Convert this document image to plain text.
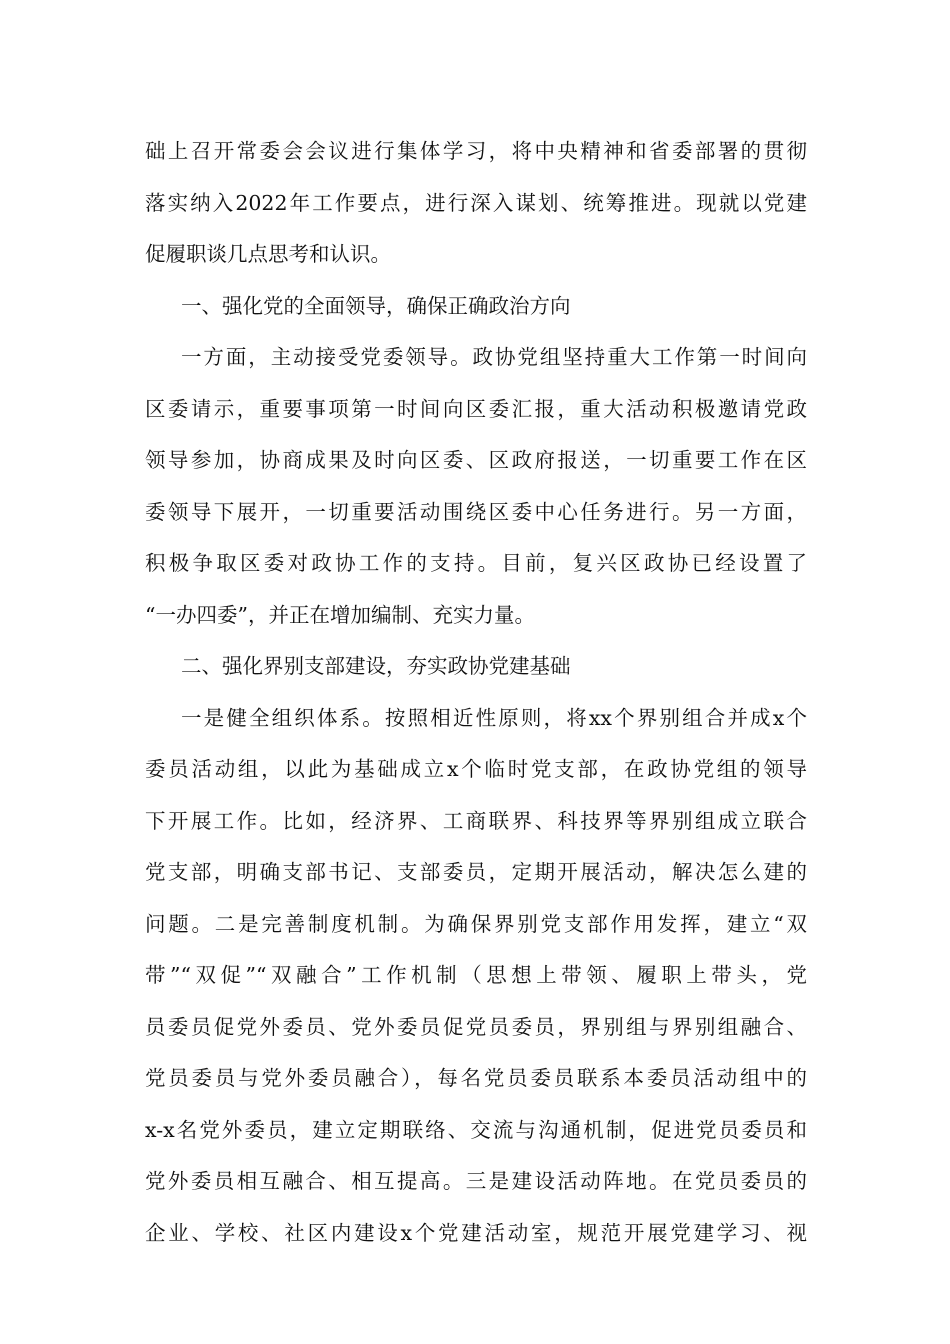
础上召开常委会会议进行集体学习，将中央精神和省委部署的贯彻
落实纳入2022年工作要点，进行深入谋划、统筹推进。现就以党建
促履职谈几点思考和认识。
一、强化党的全面领导，确保正确政治方向
一方面，主动接受党委领导。政协党组坚持重大工作第一时间向
区委请示，重要事项第一时间向区委汇报，重大活动积极邀请党政
领导参加，协商成果及时向区委、区政府报送，一切重要工作在区
委领导下展开，一切重要活动围绕区委中心任务进行。另一方面，
积极争取区委对政协工作的支持。目前，复兴区政协已经设置了
“一办四委”，并正在增加编制、充实力量。
二、强化界别支部建设，夯实政协党建基础
一是健全组织体系。按照相近性原则，将xx个界别组合并成x个
委员活动组，以此为基础成立x个临时党支部，在政协党组的领导
下开展工作。比如，经济界、工商联界、科技界等界别组成立联合
党支部，明确支部书记、支部委员，定期开展活动，解决怎么建的
问题。二是完善制度机制。为确保界别党支部作用发挥，建立“双
带”“双促”“双融合”工作机制（思想上带领、履职上带头，党
员委员促党外委员、党外委员促党员委员，界别组与界别组融合、
党员委员与党外委员融合），每名党员委员联系本委员活动组中的
x-x名党外委员，建立定期联络、交流与沟通机制，促进党员委员和
党外委员相互融合、相互提高。三是建设活动阵地。在党员委员的
企业、学校、社区内建设x个党建活动室，规范开展党建学习、视
